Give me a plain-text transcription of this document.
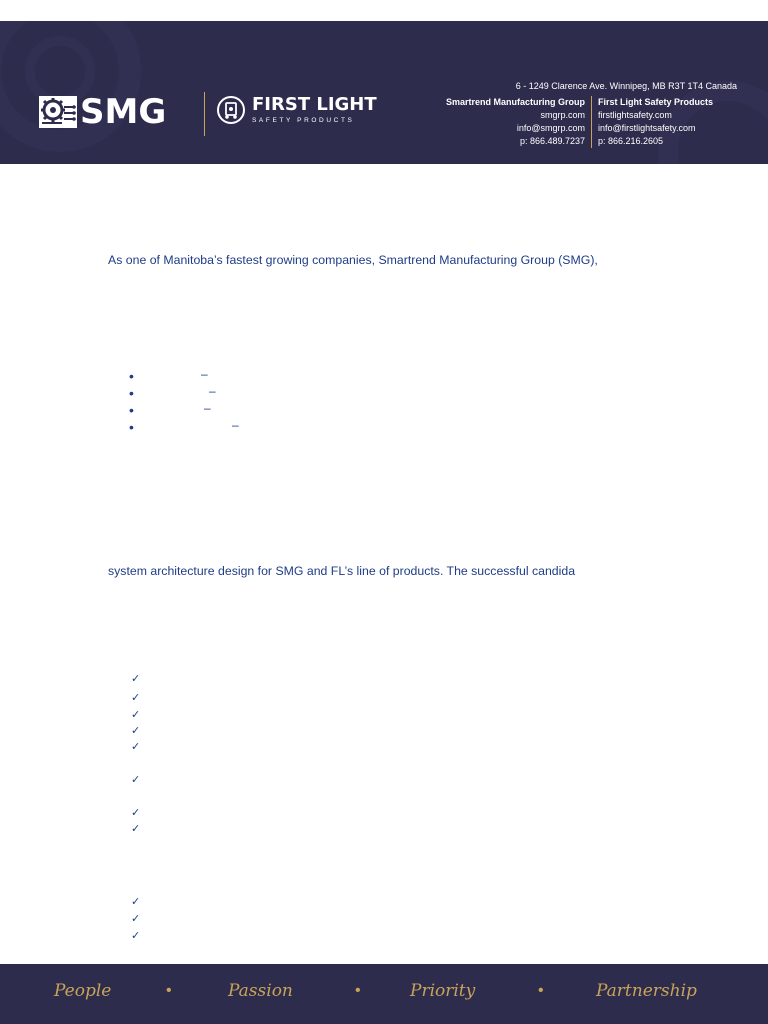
SMG	FIRST LIGHT
SAFETY PRODUCTS
6 - 1249 Clarence Ave. Winnipeg, MB R3T 1T4 Canada
Smartrend Manufacturing Group
smgrp.com
info@smgrp.com
p: 866.489.7237
First Light Safety Products
firstlightsafety.com
info@firstlightsafety.com
p: 866.216.2605
As one of Manitoba’s fastest growing companies, Smartrend Manufacturing Group (SMG),
•	–
•	–
•	–
•	–
system architecture design for SMG and FL’s line of products. The successful candida
✓
✓
✓
✓
✓
✓
✓
✓
✓
✓
✓
People	•	Passion	•	Priority	•	Partnership
